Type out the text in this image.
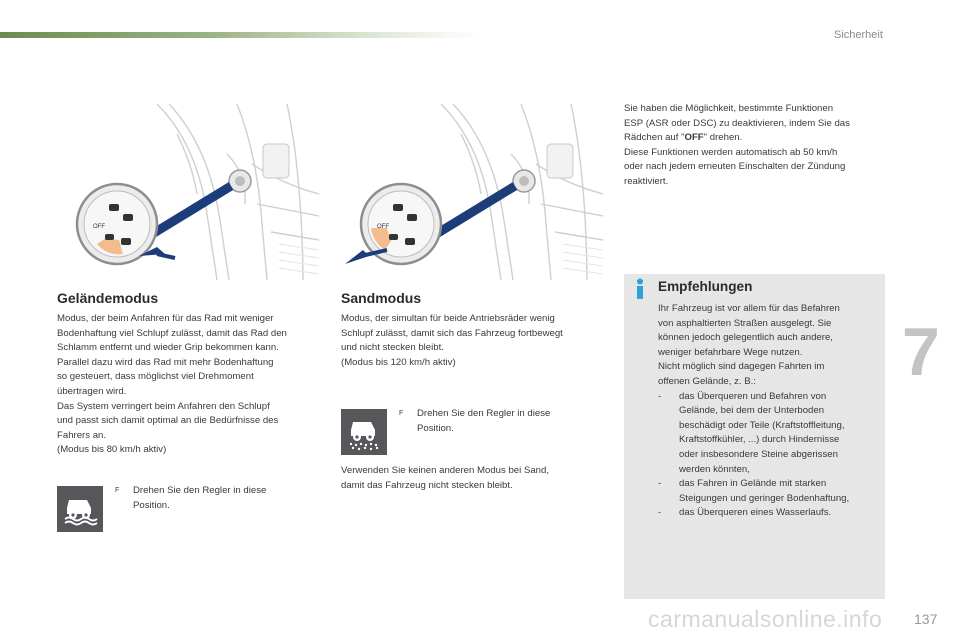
Sicherheit
OFF	OFF
Geländemodus
Modus, der beim Anfahren für das Rad mit weniger
Bodenhaftung viel Schlupf zulässt, damit das Rad den
Schlamm entfernt und wieder Grip bekommen kann.
Parallel dazu wird das Rad mit mehr Bodenhaftung
so gesteuert, dass möglichst viel Drehmoment
übertragen wird.
Das System verringert beim Anfahren den Schlupf
und passt sich damit optimal an die Bedürfnisse des
Fahrers an.
(Modus bis 80 km/h aktiv)
F Drehen Sie den Regler in diese
Position.
Sandmodus
Modus, der simultan für beide Antriebsräder wenig
Schlupf zulässt, damit sich das Fahrzeug fortbewegt
und nicht stecken bleibt.
(Modus bis 120 km/h aktiv)
F Drehen Sie den Regler in diese
Position.
Verwenden Sie keinen anderen Modus bei Sand,
damit das Fahrzeug nicht stecken bleibt.
Sie haben die Möglichkeit, bestimmte Funktionen
ESP (ASR oder DSC) zu deaktivieren, indem Sie das
Rädchen auf "OFF" drehen.
Diese Funktionen werden automatisch ab 50 km/h
oder nach jedem erneuten Einschalten der Zündung
reaktiviert.
Empfehlungen
Ihr Fahrzeug ist vor allem für das Befahren
von asphaltierten Straßen ausgelegt. Sie
können jedoch gelegentlich auch andere,
weniger befahrbare Wege nutzen.
Nicht möglich sind dagegen Fahrten im
offenen Gelände, z. B.:
- das Überqueren und Befahren von
Gelände, bei dem der Unterboden
beschädigt oder Teile (Kraftstoffleitung,
Kraftstoffkühler, ...) durch Hindernisse
oder insbesondere Steine abgerissen
werden könnten,
- das Fahren in Gelände mit starken
Steigungen und geringer Bodenhaftung,
- das Überqueren eines Wasserlaufs.
7
carmanualsonline.info 137
